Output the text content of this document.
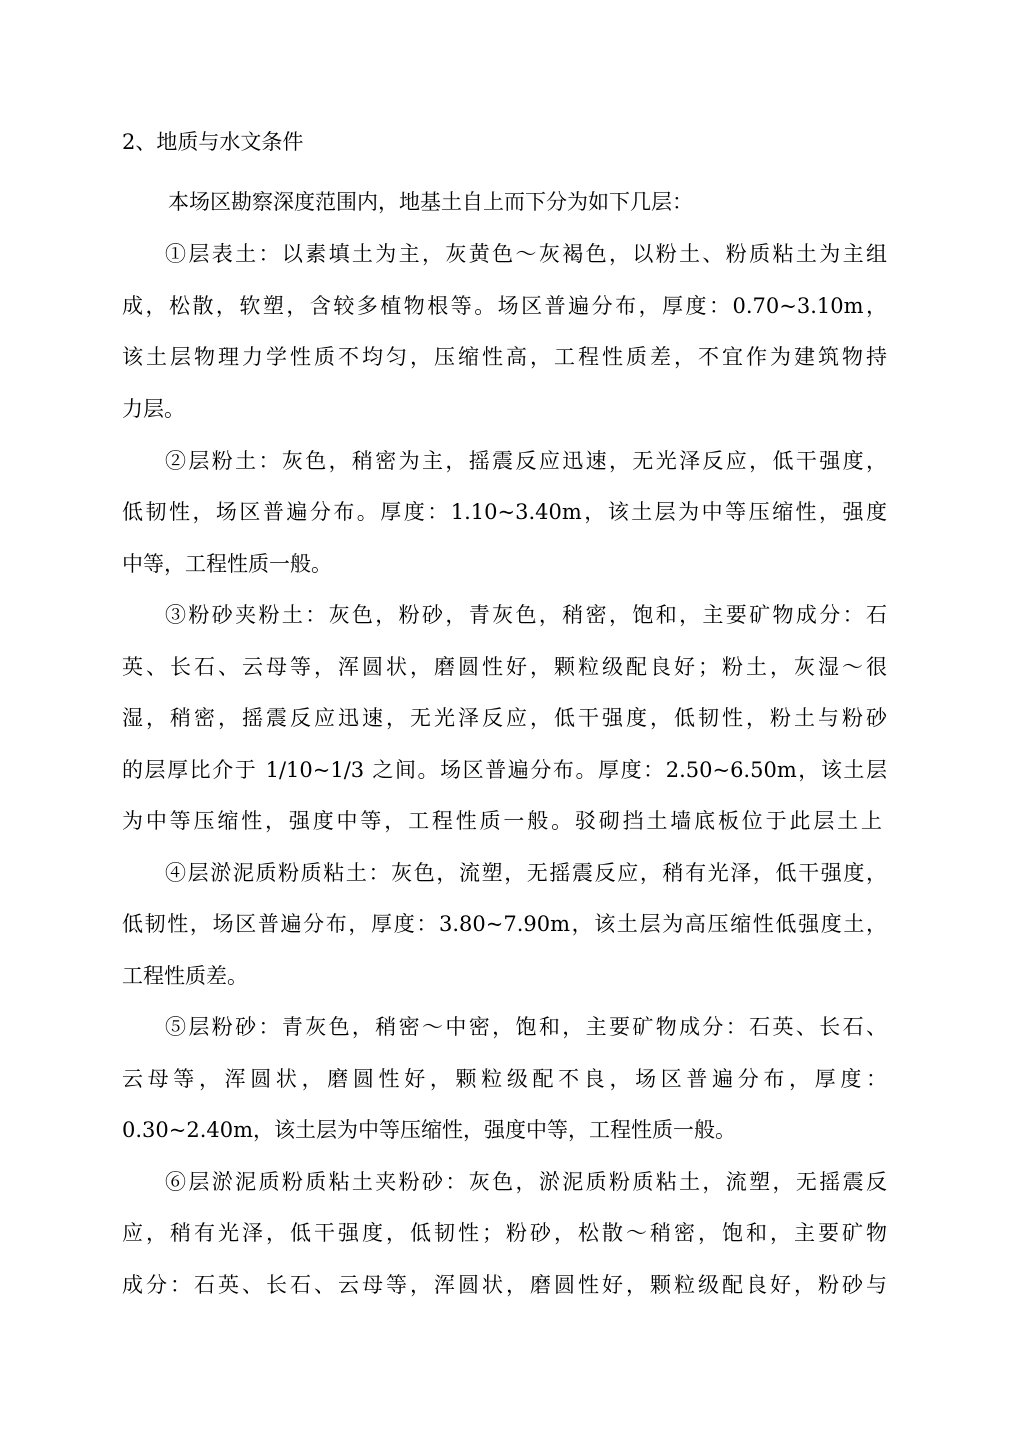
2、地质与水文条件
本场区勘察深度范围内，地基土自上而下分为如下几层：
①层表土：以素填土为主，灰黄色～灰褐色，以粉土、粉质粘土为主组
成，松散，软塑，含较多植物根等。场区普遍分布，厚度：0.70~3.10m，
该土层物理力学性质不均匀，压缩性高，工程性质差，不宜作为建筑物持
力层。
②层粉土：灰色，稍密为主，摇震反应迅速，无光泽反应，低干强度，
低韧性，场区普遍分布。厚度：1.10~3.40m，该土层为中等压缩性，强度
中等，工程性质一般。
③粉砂夹粉土：灰色，粉砂，青灰色，稍密，饱和，主要矿物成分：石
英、长石、云母等，浑圆状，磨圆性好，颗粒级配良好；粉土，灰湿～很
湿，稍密，摇震反应迅速，无光泽反应，低干强度，低韧性，粉土与粉砂
的层厚比介于 1/10~1/3 之间。场区普遍分布。厚度：2.50~6.50m，该土层
为中等压缩性，强度中等，工程性质一般。驳砌挡土墙底板位于此层土上
④层淤泥质粉质粘土：灰色，流塑，无摇震反应，稍有光泽，低干强度，
低韧性，场区普遍分布，厚度：3.80~7.90m，该土层为高压缩性低强度土，
工程性质差。
⑤层粉砂：青灰色，稍密～中密，饱和，主要矿物成分：石英、长石、
云母等，浑圆状，磨圆性好，颗粒级配不良，场区普遍分布，厚度：
0.30~2.40m，该土层为中等压缩性，强度中等，工程性质一般。
⑥层淤泥质粉质粘土夹粉砂：灰色，淤泥质粉质粘土，流塑，无摇震反
应，稍有光泽，低干强度，低韧性；粉砂，松散～稍密，饱和，主要矿物
成分：石英、长石、云母等，浑圆状，磨圆性好，颗粒级配良好，粉砂与
